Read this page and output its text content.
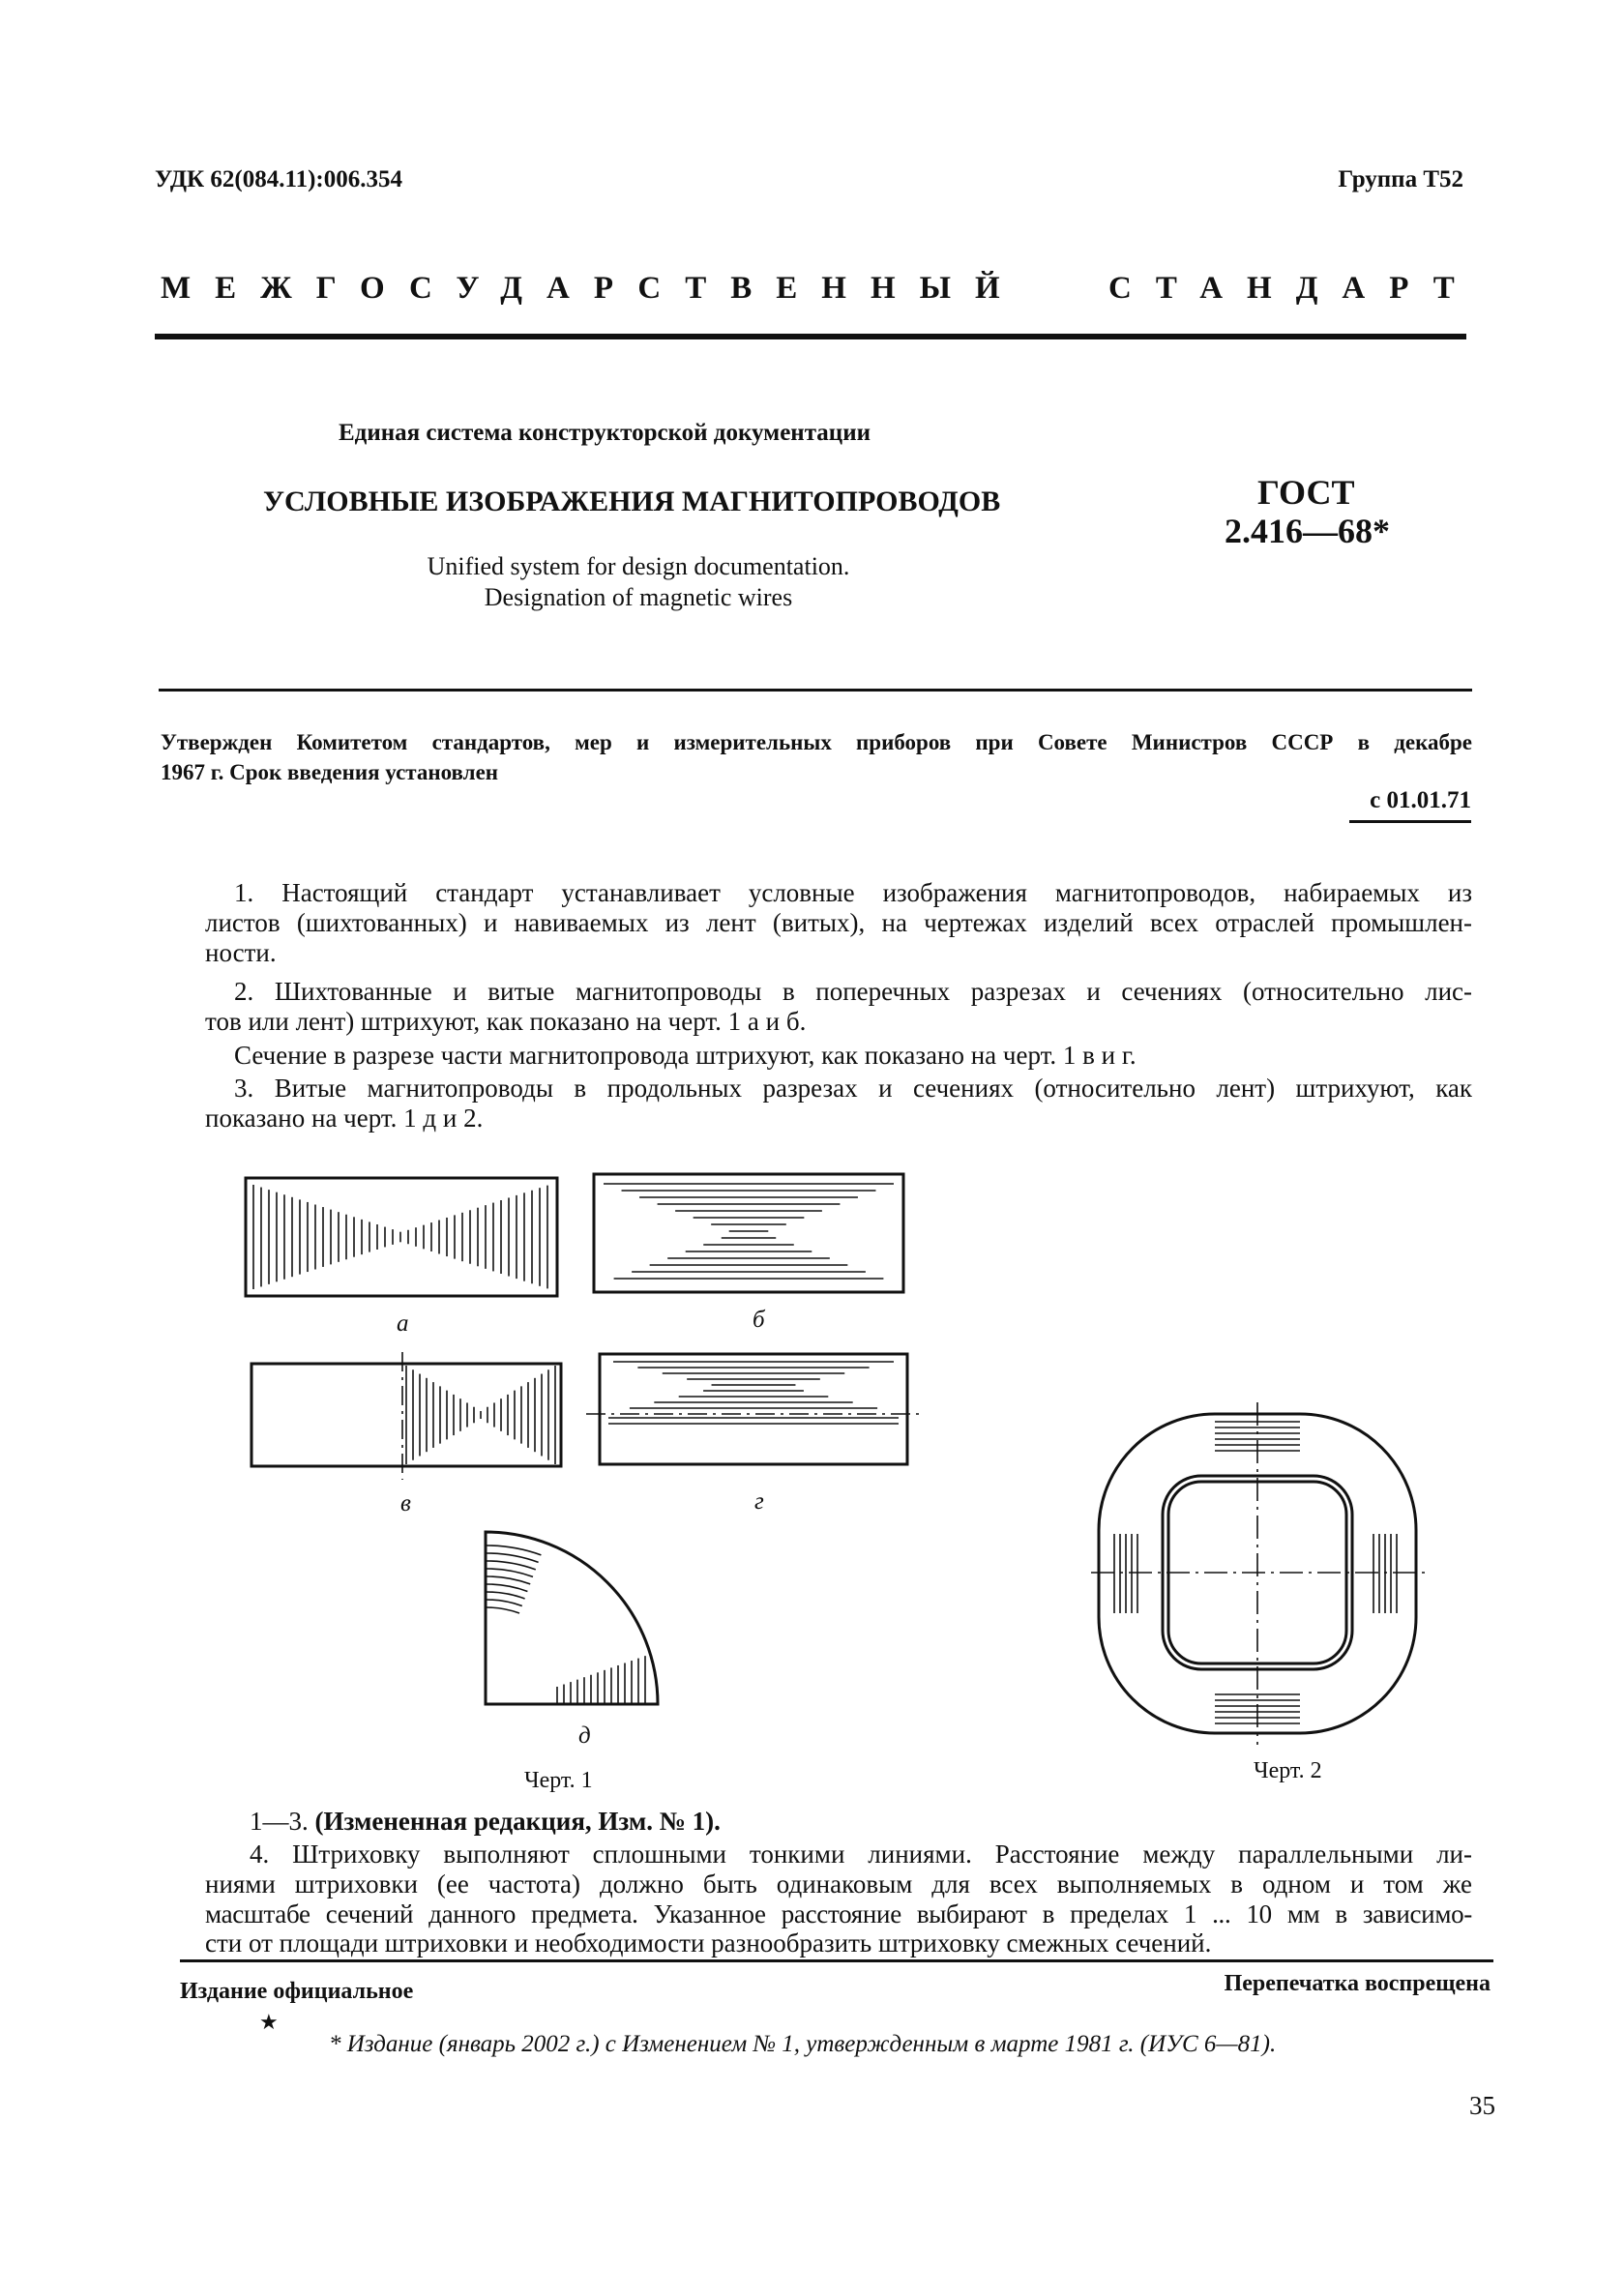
УДК 62(084.11):006.354	Группа Т52
МЕЖГОСУДАРСТВЕННЫЙ	СТАНДАРТ
Единая система конструкторской документации
УСЛОВНЫЕ ИЗОБРАЖЕНИЯ МАГНИТОПРОВОДОВ	ГОСТ
2.416—68*
Unified system for design documentation.
Designation of magnetic wires
Утвержден Комитетом стандартов, мер и измерительных приборов при Совете Министров СССР в декабре
1967 г. Срок введения установлен
с 01.01.71
1. Настоящий стандарт устанавливает условные изображения магнитопроводов, набираемых из
листов (шихтованных) и навиваемых из лент (витых), на чертежах изделий всех отраслей промышлен-
ности.
2. Шихтованные и витые магнитопроводы в поперечных разрезах и сечениях (относительно лис-
тов или лент) штрихуют, как показано на черт. 1 а и б.
Сечение в разрезе части магнитопровода штрихуют, как показано на черт. 1 в и г.
3. Витые магнитопроводы в продольных разрезах и сечениях (относительно лент) штрихуют, как
показано на черт. 1 д и 2.
а	б
в	г
д
Черт. 1	Черт. 2
1—3. (Измененная редакция, Изм. № 1).
4. Штриховку выполняют сплошными тонкими линиями. Расстояние между параллельными ли-
ниями штриховки (ее частота) должно быть одинаковым для всех выполняемых в одном и том же
масштабе сечений данного предмета. Указанное расстояние выбирают в пределах 1 ... 10 мм в зависимо-
сти от площади штриховки и необходимости разнообразить штриховку смежных сечений.
Издание официальное	Перепечатка воспрещена
★
* Издание (январь 2002 г.) с Изменением № 1, утвержденным в марте 1981 г. (ИУС 6—81).
35
